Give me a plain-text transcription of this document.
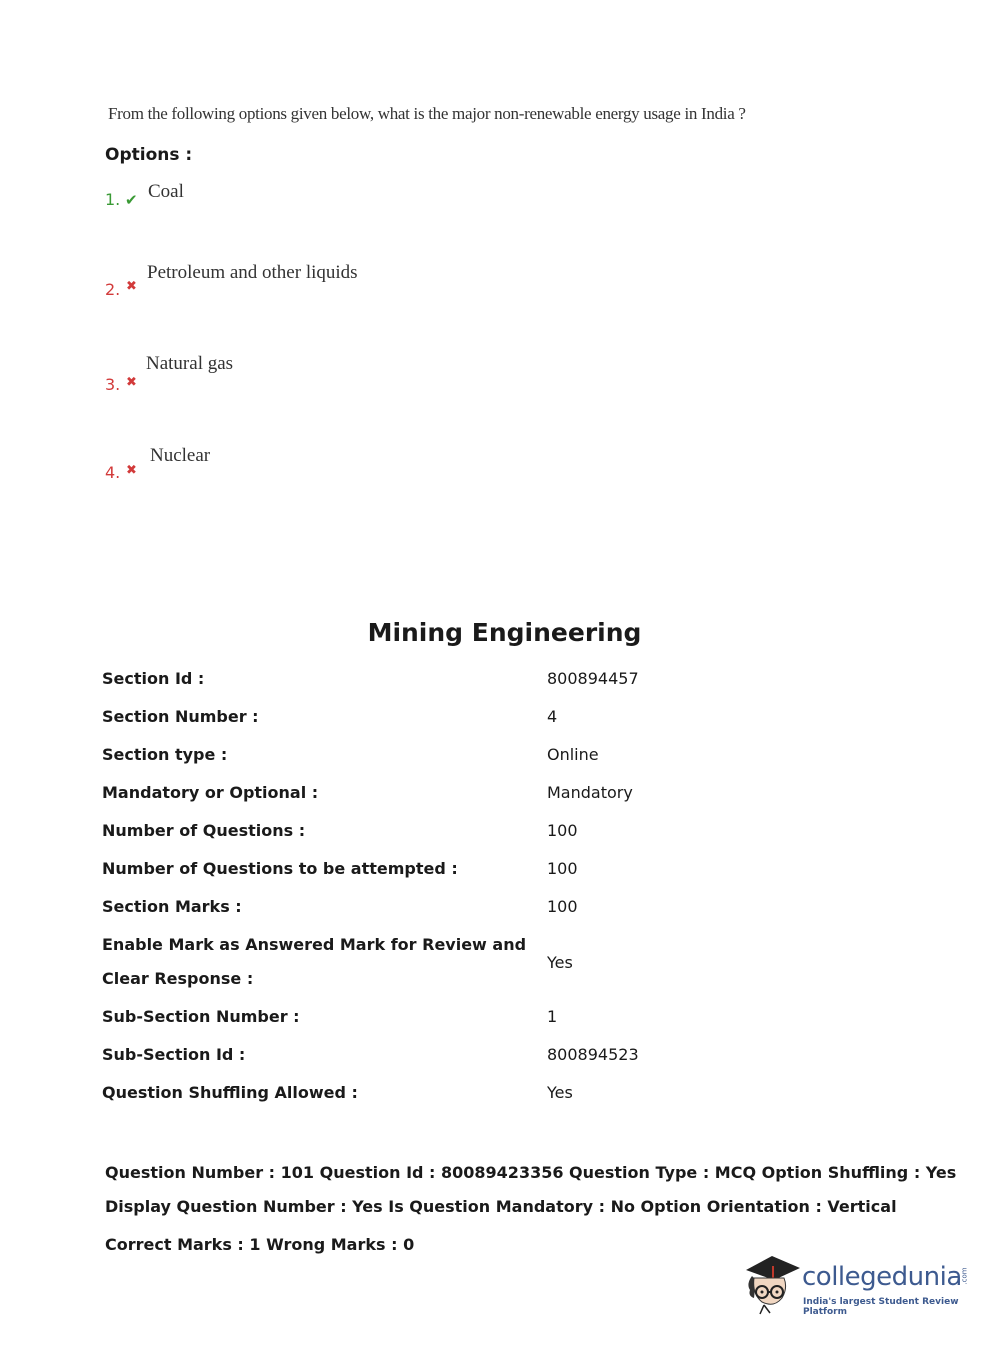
From the following options given below, what is the major non-renewable energy usage in India ?
Options :
1. ✔ Coal
2. ✖
Petroleum and other liquids
3. ✖
Natural gas
4. ✖
Nuclear
Mining Engineering
Section Id :	800894457
Section Number :	4
Section type :	Online
Mandatory or Optional :	Mandatory
Number of Questions :	100
Number of Questions to be attempted :	100
Section Marks :	100
Enable Mark as Answered Mark for Review and
Clear Response :
Yes
Sub-Section Number :	1
Sub-Section Id :	800894523
Question Shuffling Allowed :	Yes
Question Number : 101 Question Id : 80089423356 Question Type : MCQ Option Shuffling : Yes
Display Question Number : Yes Is Question Mandatory : No Option Orientation : Vertical
Correct Marks : 1 Wrong Marks : 0
collegedunia
.com
India's largest Student Review Platform
